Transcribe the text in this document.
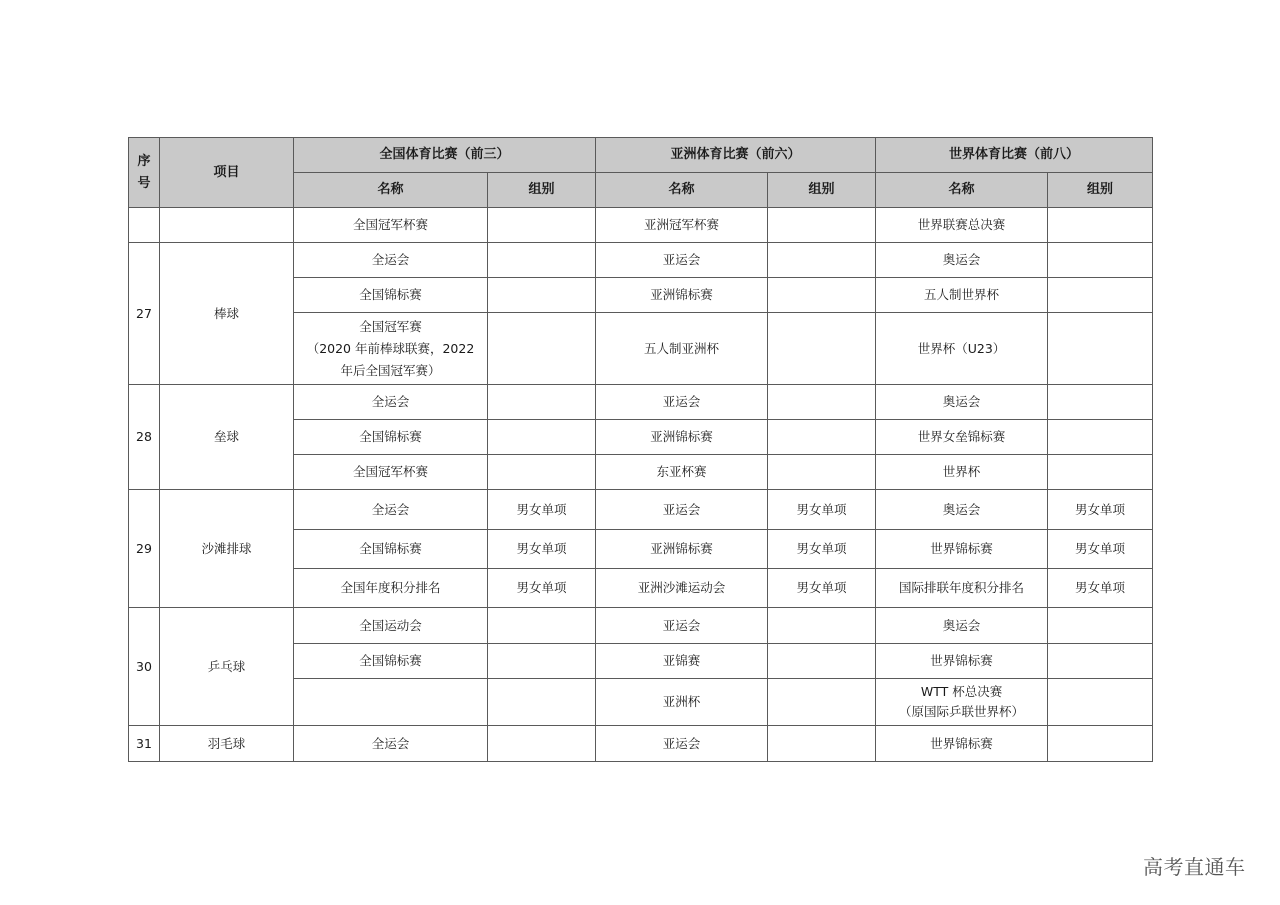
序号	项目	全国体育比赛（前三）		亚洲体育比赛（前六）		世界体育比赛（前八）	
		名称	组别	名称	组别	名称	组别
		全国冠军杯赛		亚洲冠军杯赛		世界联赛总决赛	
27	棒球	全运会		亚运会		奥运会	
		全国锦标赛		亚洲锦标赛		五人制世界杯	

		全国冠军赛
（2020 年前棒球联赛，2022
年后全国冠军赛）		五人制亚洲杯		世界杯（U23）	
28	垒球	全运会		亚运会		奥运会	
		全国锦标赛		亚洲锦标赛		世界女垒锦标赛	
		全国冠军杯赛		东亚杯赛		世界杯	
29	沙滩排球	全运会	男女单项	亚运会	男女单项	奥运会	男女单项
		全国锦标赛	男女单项	亚洲锦标赛	男女单项	世界锦标赛	男女单项
		全国年度积分排名	男女单项	亚洲沙滩运动会	男女单项	国际排联年度积分排名	男女单项
30	乒乓球	全国运动会		亚运会		奥运会	
		全国锦标赛		亚锦赛		世界锦标赛	
				亚洲杯		WTT 杯总决赛
（原国际乒联世界杯）	

31	羽毛球	全运会		亚运会		世界锦标赛	
高考直通车
